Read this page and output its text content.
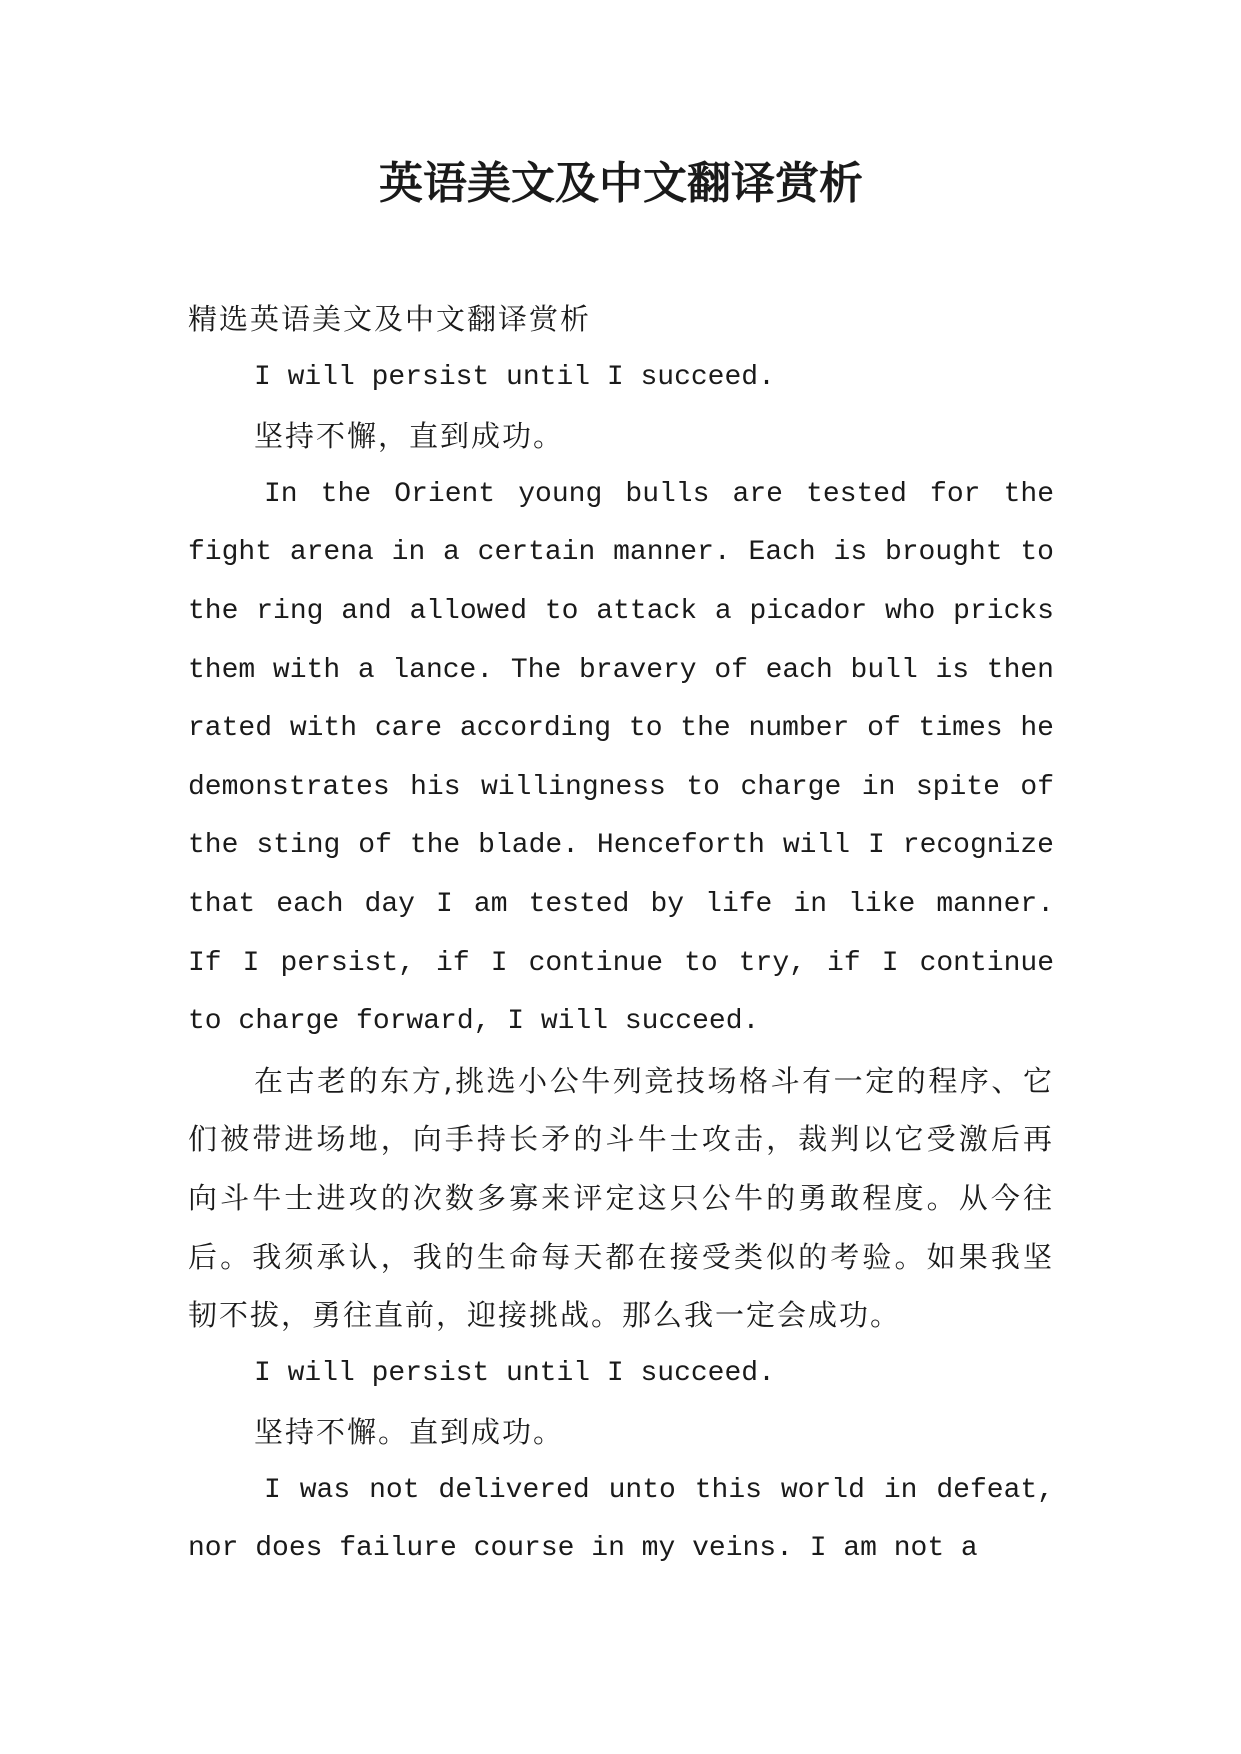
英语美文及中文翻译赏析

精选英语美文及中文翻译赏析

I will persist until I succeed.

坚持不懈，直到成功。

In the Orient young bulls are tested for the fight arena in a certain manner. Each is brought to the ring and allowed to attack a picador who pricks them with a lance. The bravery of each bull is then rated with care according to the number of times he demonstrates his willingness to charge in spite of the sting of the blade. Henceforth will I recognize that each day I am tested by life in like manner. If I persist, if I continue to try, if I continue to charge forward, I will succeed.

在古老的东方,挑选小公牛列竞技场格斗有一定的程序、它们被带进场地，向手持长矛的斗牛士攻击，裁判以它受激后再向斗牛士进攻的次数多寡来评定这只公牛的勇敢程度。从今往后。我须承认，我的生命每天都在接受类似的考验。如果我坚韧不拔，勇往直前，迎接挑战。那么我一定会成功。

I will persist until I succeed.

坚持不懈。直到成功。

I was not delivered unto this world in defeat, nor does failure course in my veins. I am not a
